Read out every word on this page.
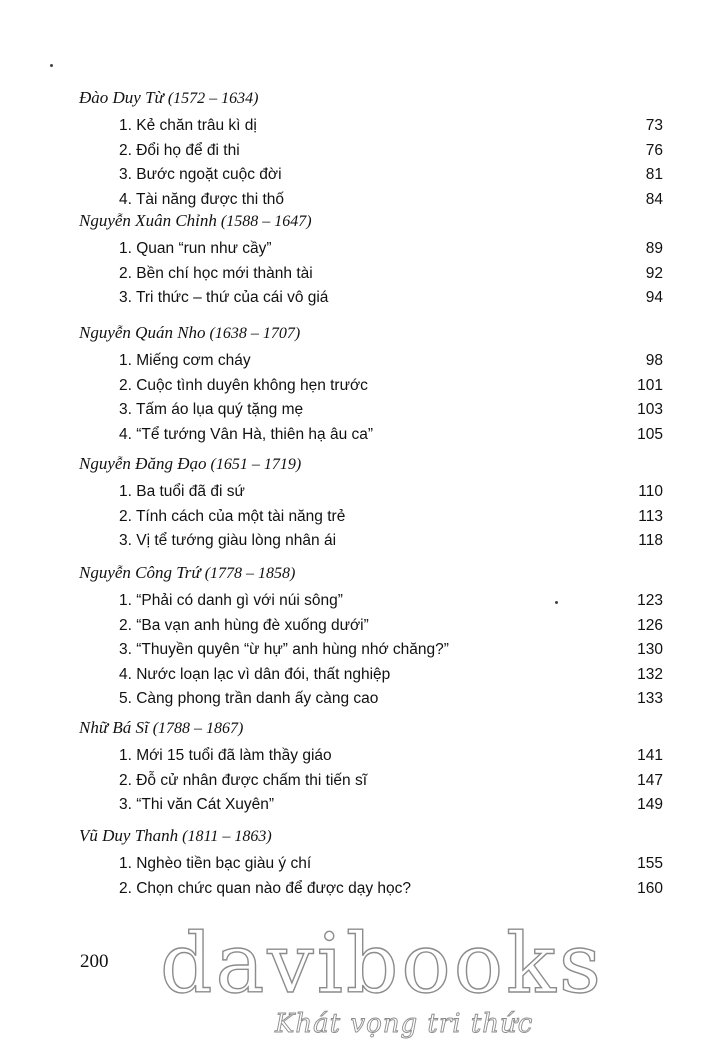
Đào Duy Từ (1572 – 1634)
1. Kẻ chăn trâu kì dị	73
2. Đổi họ để đi thi	76
3. Bước ngoặt cuộc đời	81
4. Tài năng được thi thố	84
Nguyễn Xuân Chỉnh (1588 – 1647)
1. Quan “run như cầy”	89
2. Bền chí học mới thành tài	92
3. Tri thức – thứ của cái vô giá	94
Nguyễn Quán Nho (1638 – 1707)
1. Miếng cơm cháy	98
2. Cuộc tình duyên không hẹn trước	101
3. Tấm áo lụa quý tặng mẹ	103
4. “Tể tướng Vân Hà, thiên hạ âu ca”	105
Nguyễn Đăng Đạo (1651 – 1719)
1. Ba tuổi đã đi sứ	110
2. Tính cách của một tài năng trẻ	113
3. Vị tể tướng giàu lòng nhân ái	118
Nguyễn Công Trứ (1778 – 1858)
1. “Phải có danh gì với núi sông”	123
2. “Ba vạn anh hùng đè xuống dưới”	126
3. “Thuyền quyên “ừ hự” anh hùng nhớ chăng?”	130
4. Nước loạn lạc vì dân đói, thất nghiệp	132
5. Càng phong trần danh ấy càng cao	133
Nhữ Bá Sĩ (1788 – 1867)
1. Mới 15 tuổi đã làm thầy giáo	141
2. Đỗ cử nhân được chấm thi tiến sĩ	147
3. “Thi văn Cát Xuyên”	149
Vũ Duy Thanh (1811 – 1863)
1. Nghèo tiền bạc giàu ý chí	155
2. Chọn chức quan nào để được dạy học?	160
200 davibooks
Khát vọng tri thức
